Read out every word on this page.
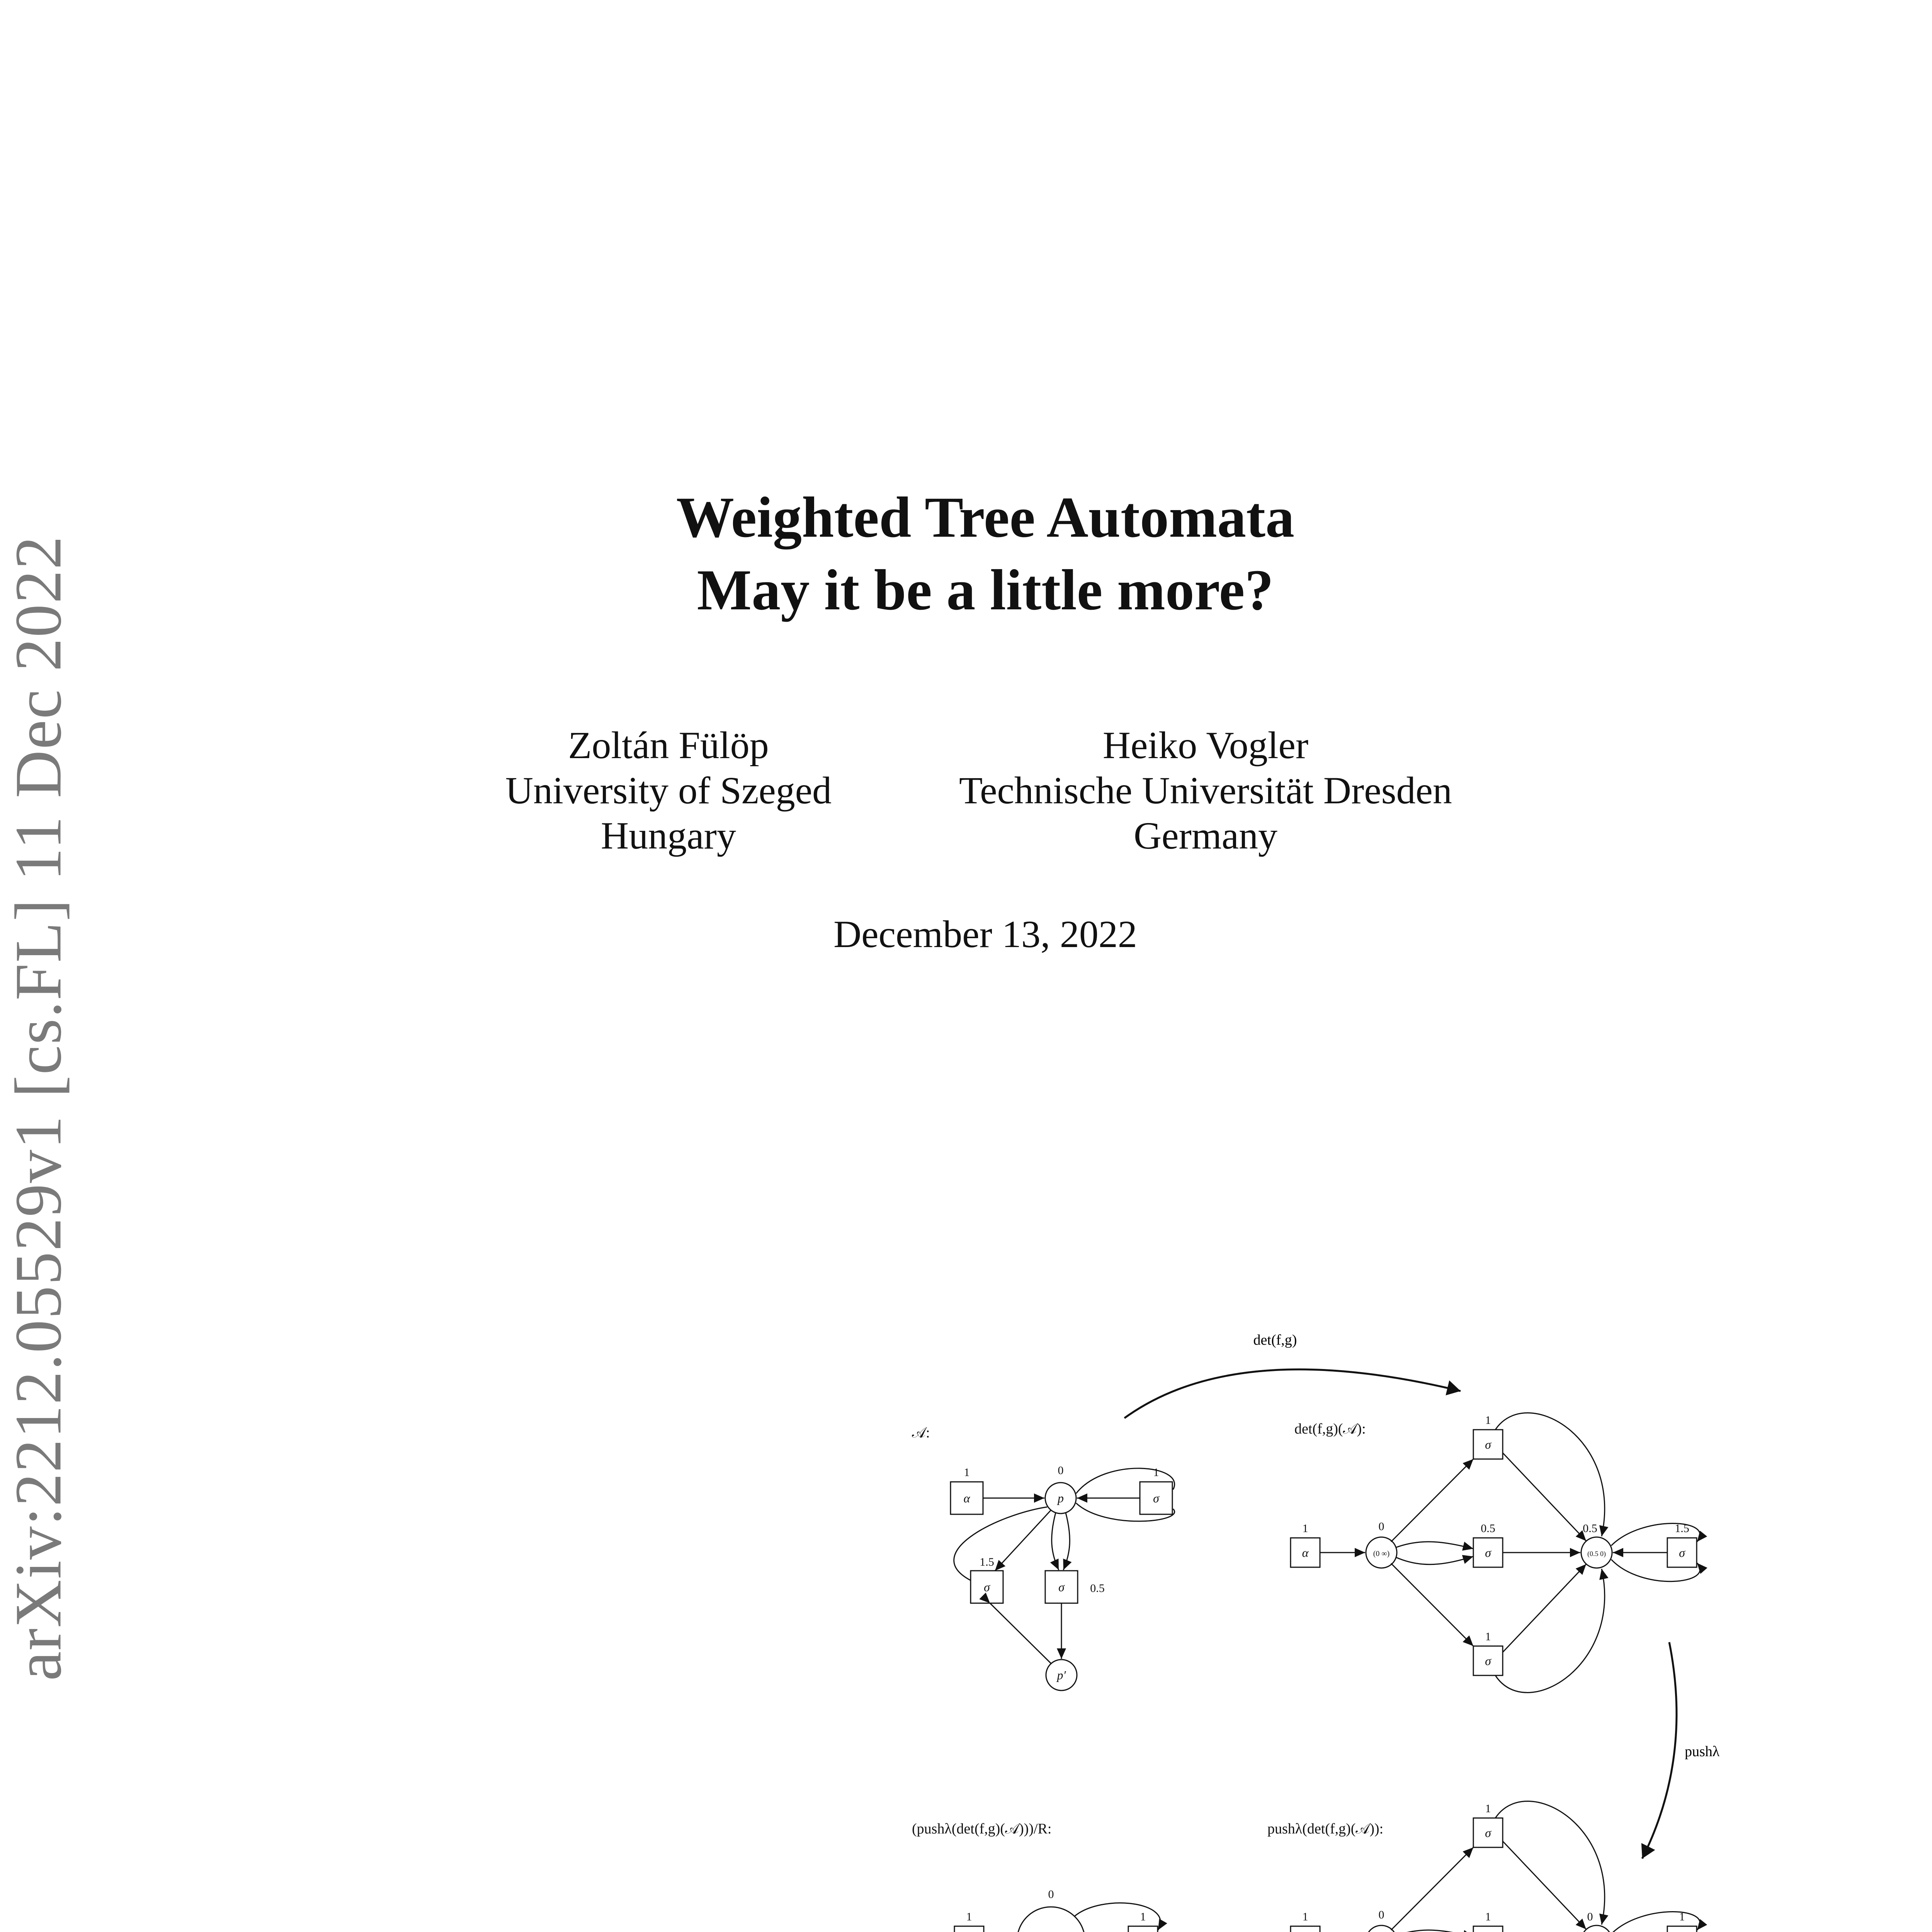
arXiv:2212.05529v1 [cs.FL] 11 Dec 2022
Weighted Tree Automata
May it be a little more?
Zoltán Fülöp
University of Szeged
Hungary
Heiko Vogler
Technische Universität Dresden
Germany
December 13, 2022
det(f,g)
pushλ
𝒜:
α	p	σ
σ	σ
p′
1	0	1
1.5
0.5
det(f,g)(𝒜):
α	(0 ∞)
σ
σ
σ
(0.5 0)	σ
1	0
1
0.5
1
0.5	1.5
pushλ(det(f,g)(𝒜)):	σ
1	0
1
1	0	1
(pushλ(det(f,g)(𝒜)))/R:
1
0
1
